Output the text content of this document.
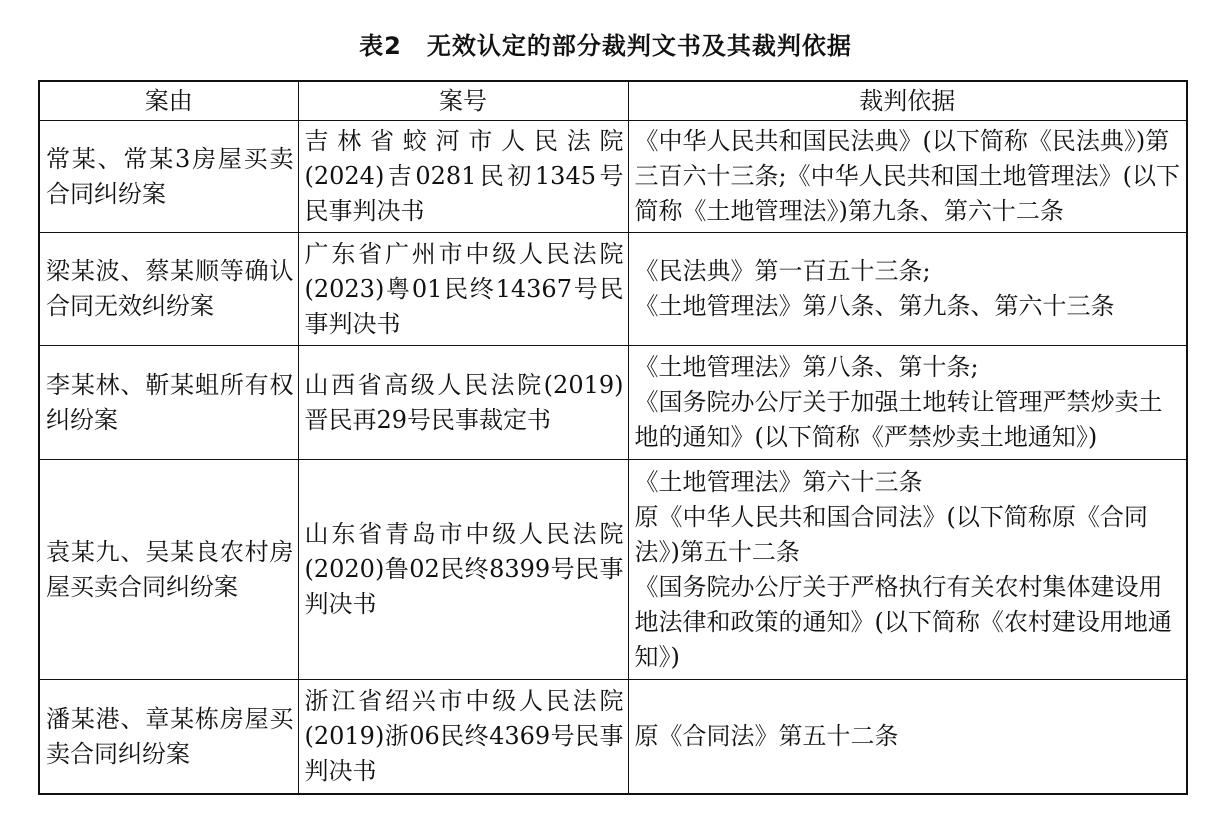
表2　无效认定的部分裁判文书及其裁判依据
案由	案号	裁判依据
常某、常某3房屋买卖合同纠纷案	吉林省蛟河市人民法院(2024)吉0281民初1345号民事判决书	《中华人民共和国民法典》(以下简称《民法典》)第三百六十三条;《中华人民共和国土地管理法》(以下简称《土地管理法》)第九条、第六十二条

梁某波、蔡某顺等确认合同无效纠纷案	广东省广州市中级人民法院(2023)粤01民终14367号民事判决书	《民法典》第一百五十三条;
《土地管理法》第八条、第九条、第六十三条

李某林、靳某蛆所有权纠纷案	山西省高级人民法院(2019)晋民再29号民事裁定书	《土地管理法》第八条、第十条;
《国务院办公厅关于加强土地转让管理严禁炒卖土地的通知》(以下简称《严禁炒卖土地通知》)

袁某九、吴某良农村房屋买卖合同纠纷案	山东省青岛市中级人民法院(2020)鲁02民终8399号民事判决书	《土地管理法》第六十三条
原《中华人民共和国合同法》(以下简称原《合同法》)第五十二条
《国务院办公厅关于严格执行有关农村集体建设用地法律和政策的通知》(以下简称《农村建设用地通知》)

潘某港、章某栋房屋买卖合同纠纷案	浙江省绍兴市中级人民法院(2019)浙06民终4369号民事判决书	原《合同法》第五十二条
